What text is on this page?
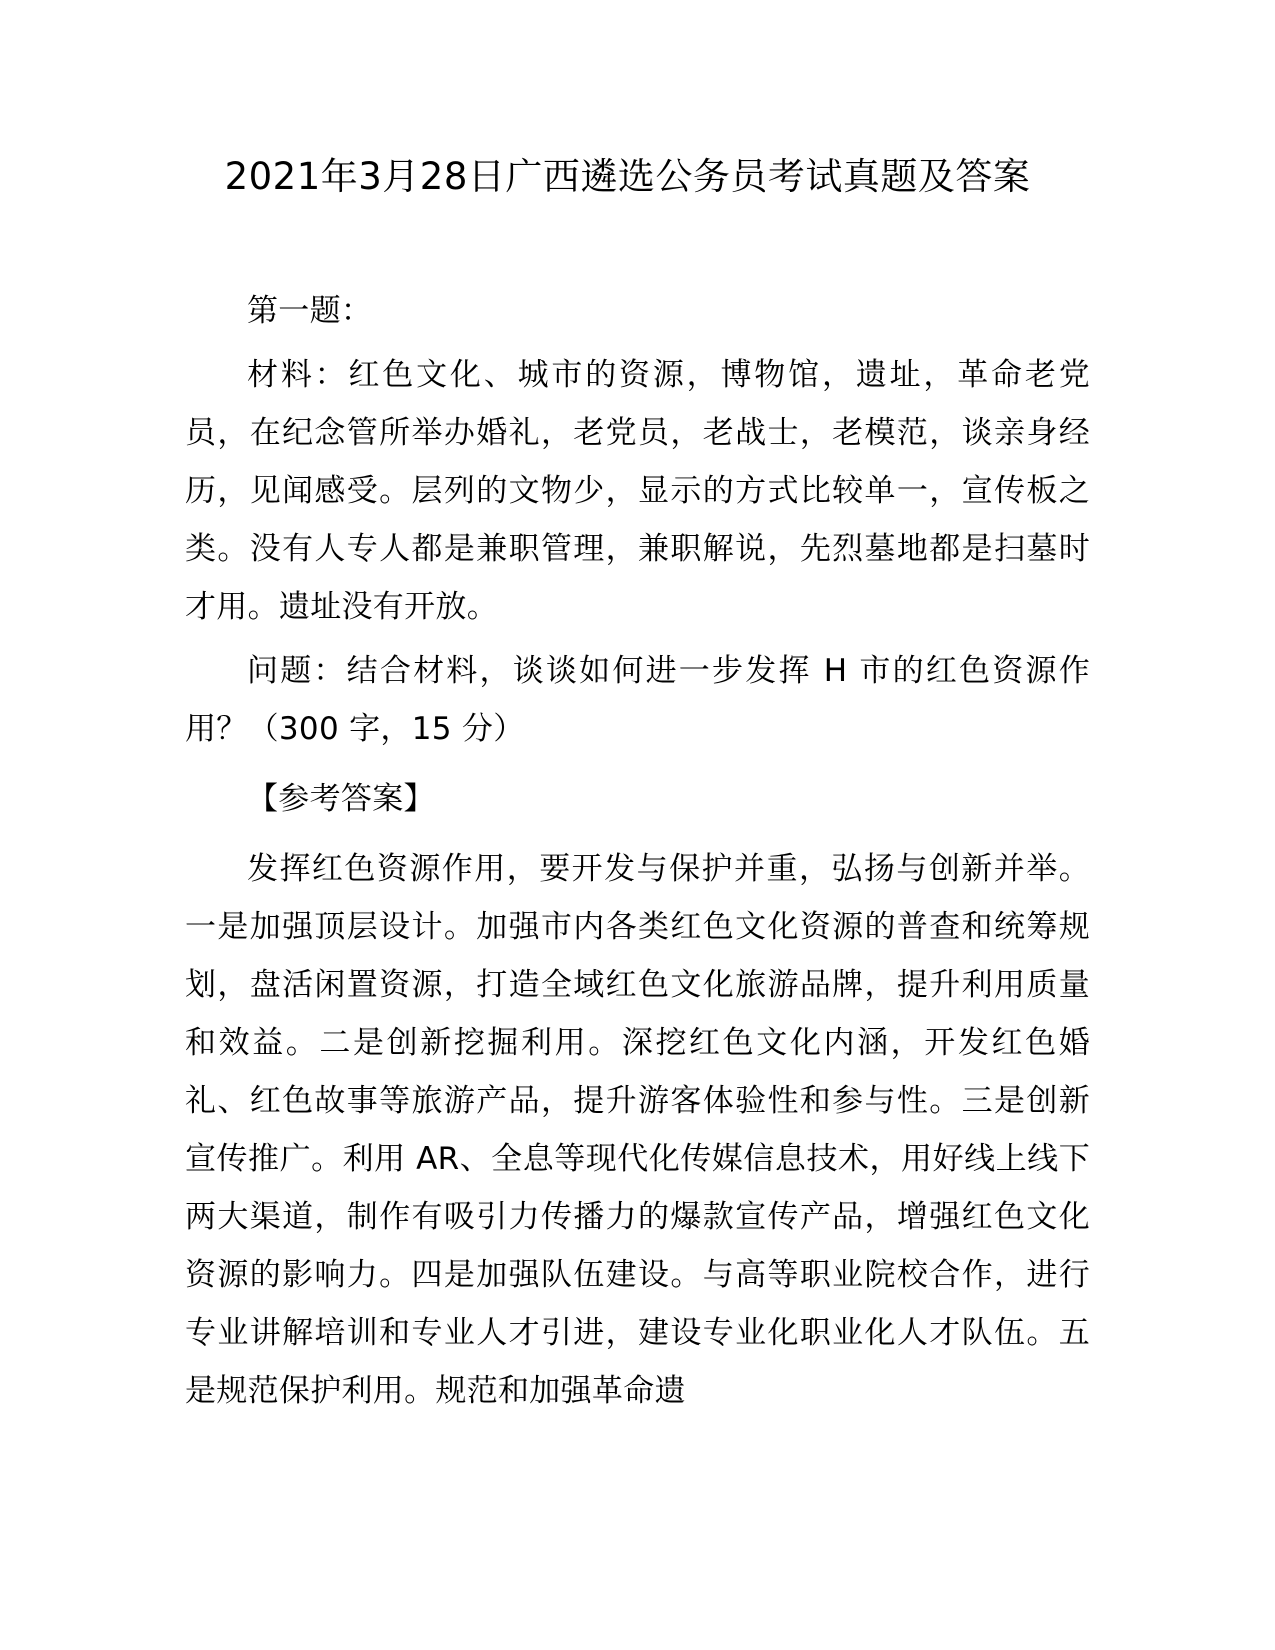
2021年3月28日广西遴选公务员考试真题及答案

第一题：

材料：红色文化、城市的资源，博物馆，遗址，革命老党员，在纪念管所举办婚礼，老党员，老战士，老模范，谈亲身经历，见闻感受。层列的文物少，显示的方式比较单一，宣传板之类。没有人专人都是兼职管理，兼职解说，先烈墓地都是扫墓时才用。遗址没有开放。

问题：结合材料，谈谈如何进一步发挥 H 市的红色资源作用？（300 字，15 分）

【参考答案】

发挥红色资源作用，要开发与保护并重，弘扬与创新并举。一是加强顶层设计。加强市内各类红色文化资源的普查和统筹规划，盘活闲置资源，打造全域红色文化旅游品牌，提升利用质量和效益。二是创新挖掘利用。深挖红色文化内涵，开发红色婚礼、红色故事等旅游产品，提升游客体验性和参与性。三是创新宣传推广。利用 AR、全息等现代化传媒信息技术，用好线上线下两大渠道，制作有吸引力传播力的爆款宣传产品，增强红色文化资源的影响力。四是加强队伍建设。与高等职业院校合作，进行专业讲解培训和专业人才引进，建设专业化职业化人才队伍。五是规范保护利用。规范和加强革命遗
